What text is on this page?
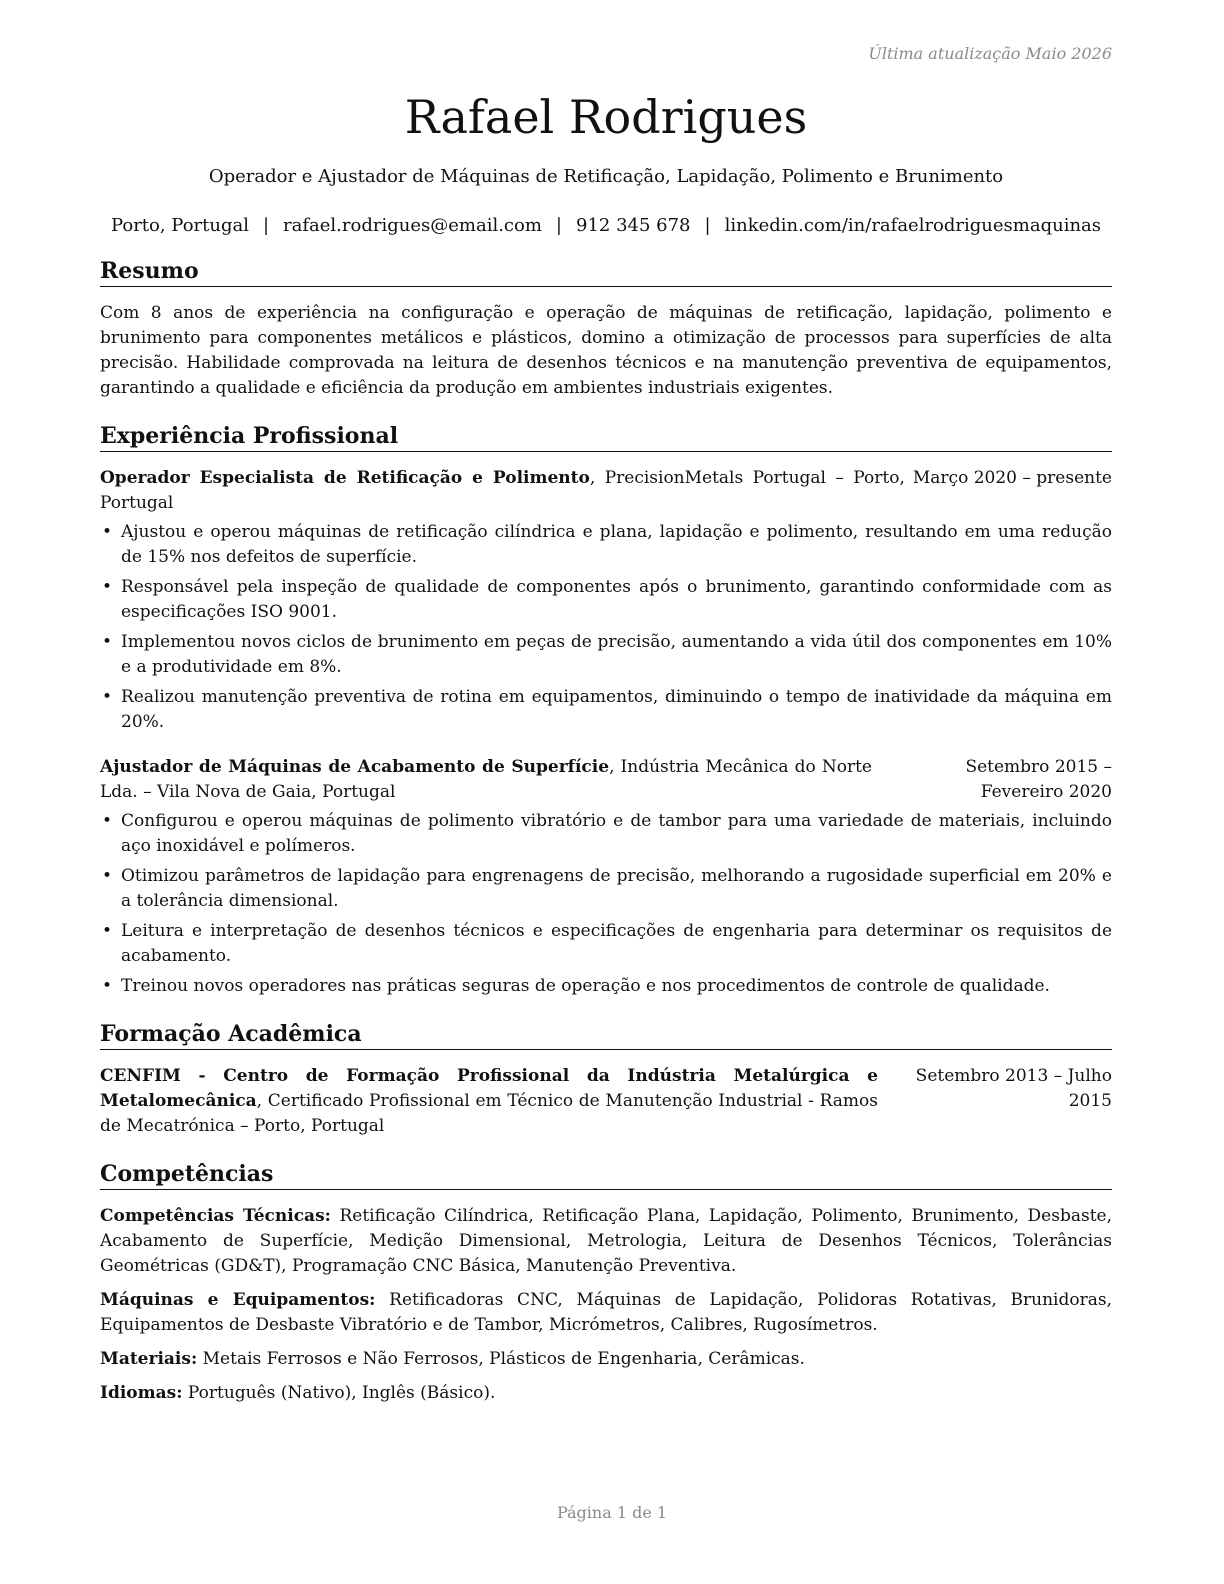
Última atualização Maio 2026
Rafael Rodrigues
Operador e Ajustador de Máquinas de Retificação, Lapidação, Polimento e Brunimento
Porto, Portugal | rafael.rodrigues@email.com | 912 345 678 | linkedin.com/in/rafaelrodriguesmaquinas
Resumo

Com 8 anos de experiência na configuração e operação de máquinas de retificação, lapidação, polimento e brunimento para componentes metálicos e plásticos, domino a otimização de processos para superfícies de alta precisão. Habilidade comprovada na leitura de desenhos técnicos e na manutenção preventiva de equipamentos, garantindo a qualidade e eficiência da produção em ambientes industriais exigentes.

Experiência Profissional
Operador Especialista de Retificação e Polimento, PrecisionMetals Portugal – Porto, Portugal
Março 2020 – presente
• Ajustou e operou máquinas de retificação cilíndrica e plana, lapidação e polimento, resultando em uma redução de 15% nos defeitos de superfície.
• Responsável pela inspeção de qualidade de componentes após o brunimento, garantindo conformidade com as especificações ISO 9001.
• Implementou novos ciclos de brunimento em peças de precisão, aumentando a vida útil dos componentes em 10% e a produtividade em 8%.
• Realizou manutenção preventiva de rotina em equipamentos, diminuindo o tempo de inatividade da máquina em 20%.
Ajustador de Máquinas de Acabamento de Superfície, Indústria Mecânica do Norte Lda. – Vila Nova de Gaia, Portugal
Setembro 2015 – Fevereiro 2020
• Configurou e operou máquinas de polimento vibratório e de tambor para uma variedade de materiais, incluindo aço inoxidável e polímeros.
• Otimizou parâmetros de lapidação para engrenagens de precisão, melhorando a rugosidade superficial em 20% e a tolerância dimensional.
• Leitura e interpretação de desenhos técnicos e especificações de engenharia para determinar os requisitos de acabamento.
• Treinou novos operadores nas práticas seguras de operação e nos procedimentos de controle de qualidade.
Formação Acadêmica
CENFIM - Centro de Formação Profissional da Indústria Metalúrgica e Metalomecânica, Certificado Profissional em Técnico de Manutenção Industrial - Ramos de Mecatrónica – Porto, Portugal
Setembro 2013 – Julho 2015
Competências

Competências Técnicas: Retificação Cilíndrica, Retificação Plana, Lapidação, Polimento, Brunimento, Desbaste, Acabamento de Superfície, Medição Dimensional, Metrologia, Leitura de Desenhos Técnicos, Tolerâncias Geométricas (GD&T), Programação CNC Básica, Manutenção Preventiva.

Máquinas e Equipamentos: Retificadoras CNC, Máquinas de Lapidação, Polidoras Rotativas, Brunidoras, Equipamentos de Desbaste Vibratório e de Tambor, Micrómetros, Calibres, Rugosímetros.

Materiais: Metais Ferrosos e Não Ferrosos, Plásticos de Engenharia, Cerâmicas.

Idiomas: Português (Nativo), Inglês (Básico).

Página 1 de 1
